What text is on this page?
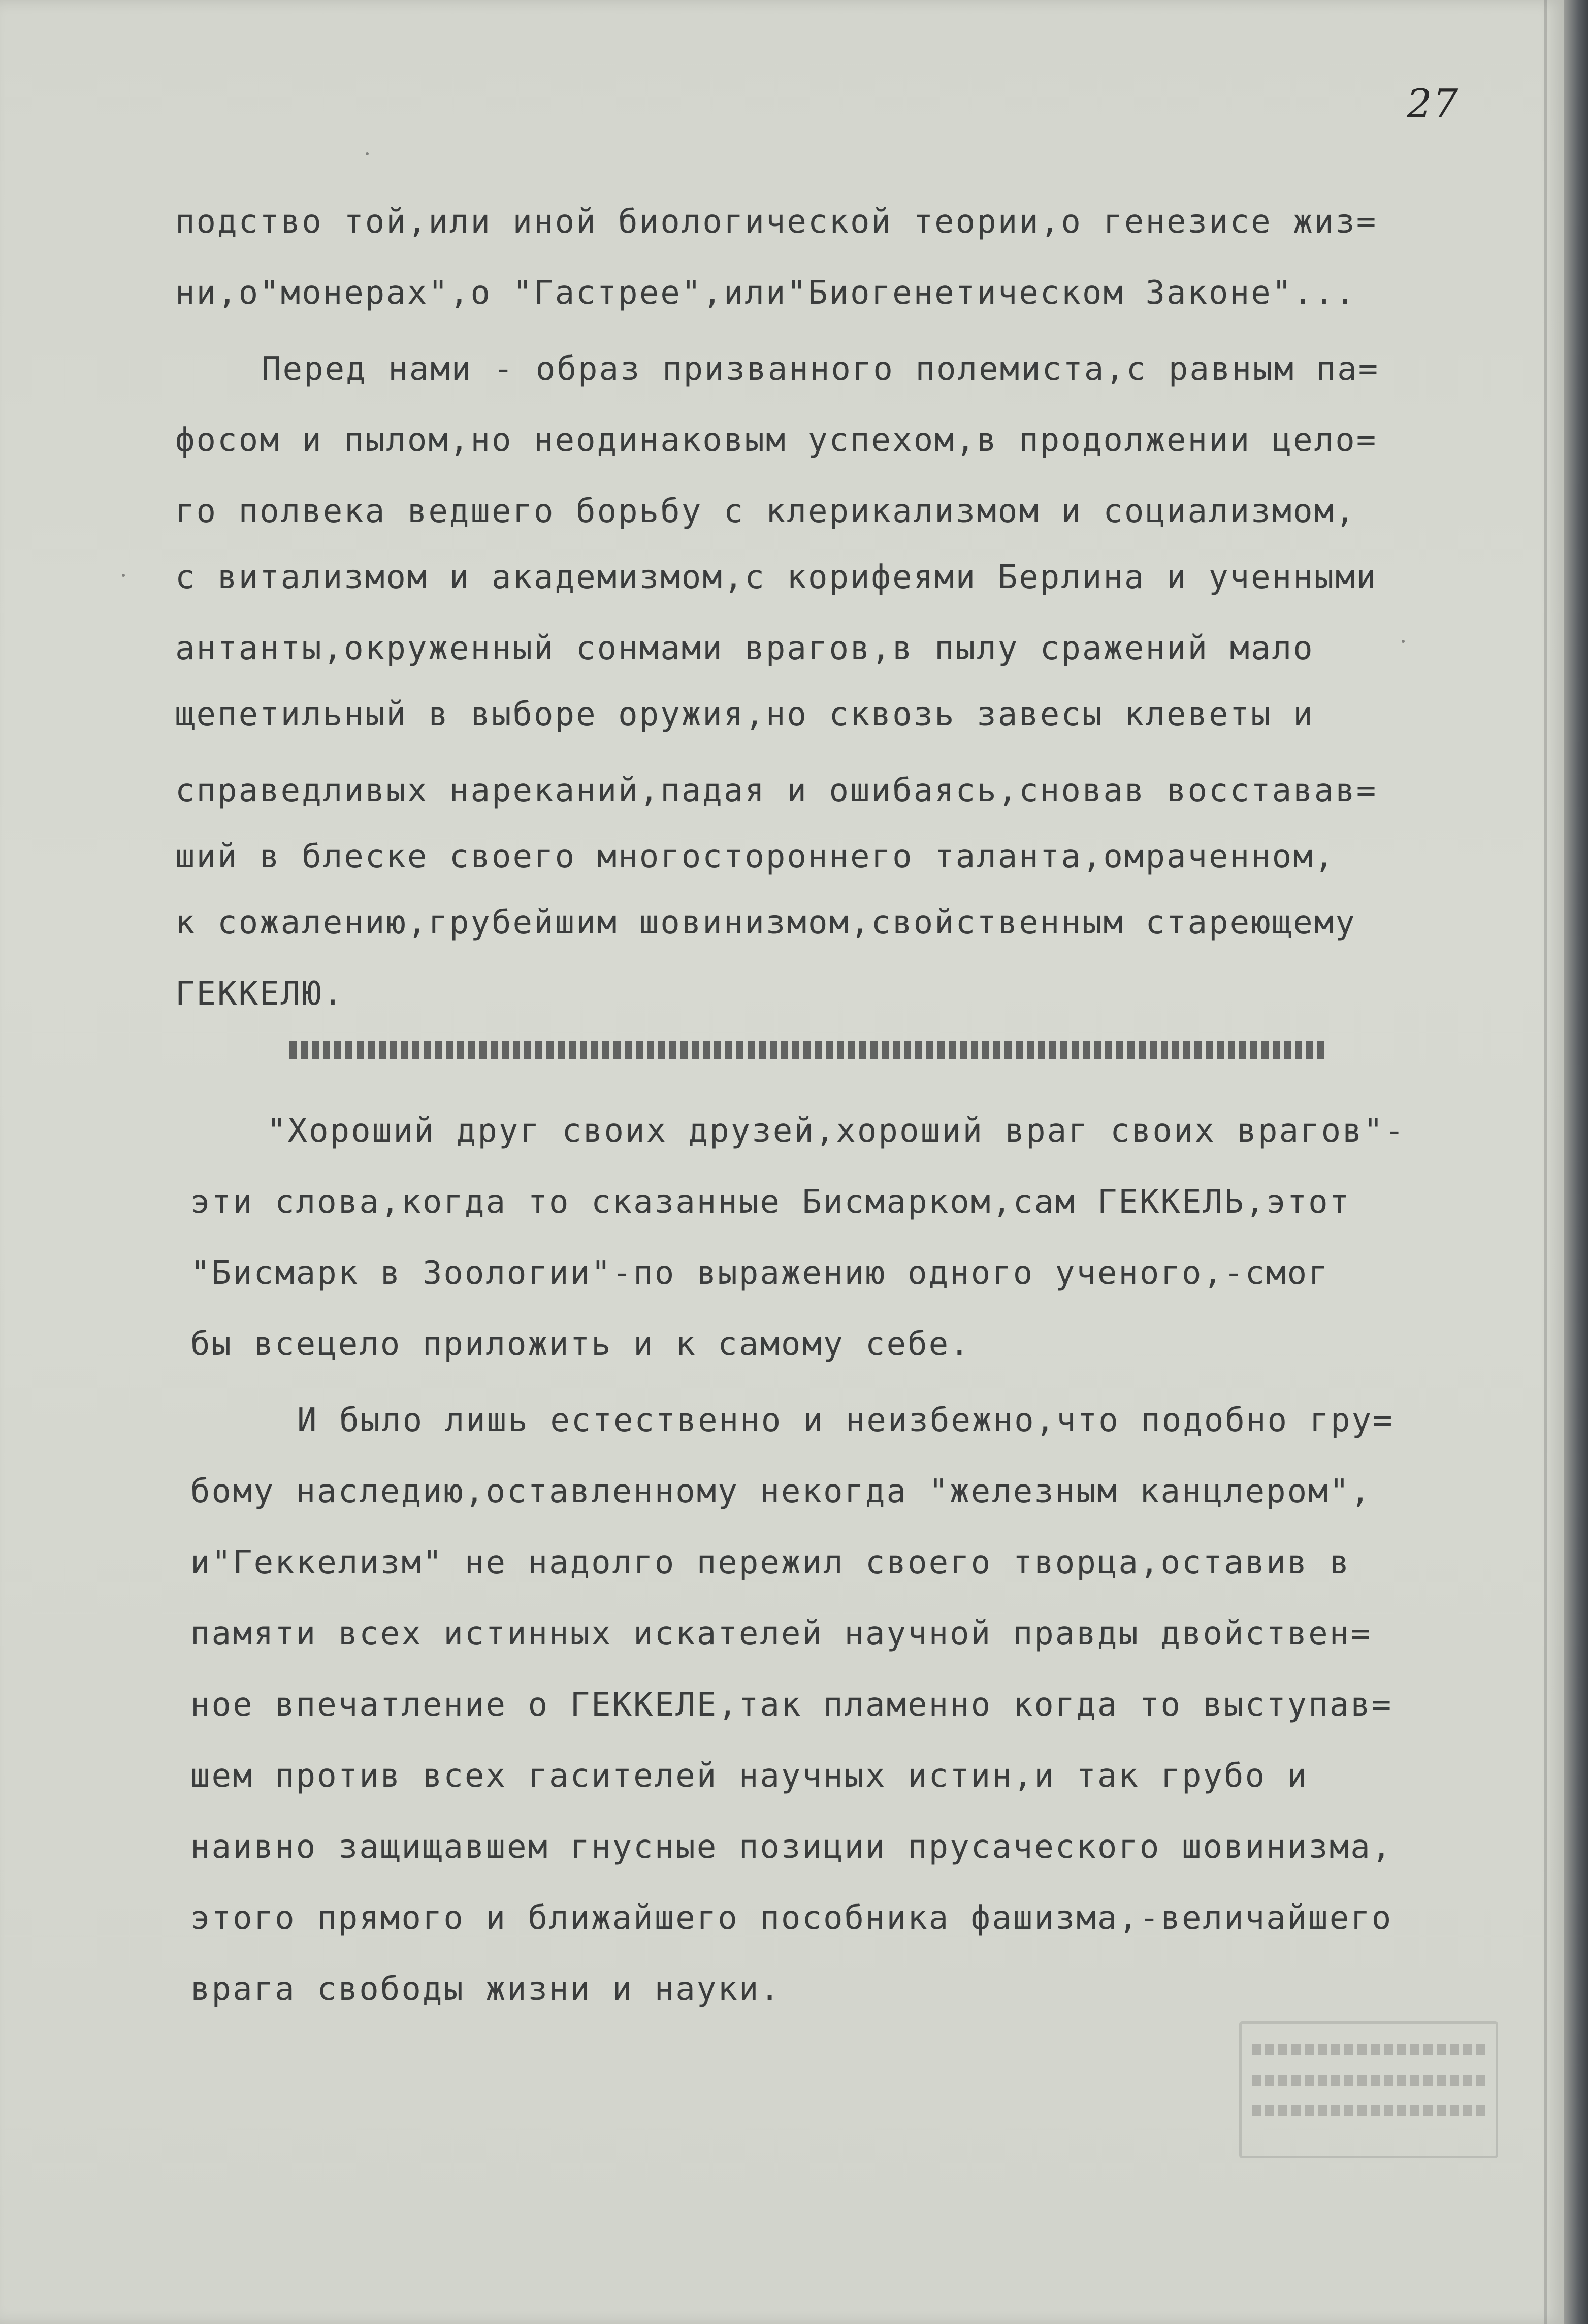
27
подство той,или иной биологической теории,о генезисе жиз=
ни,о"монерах",о "Гастрее",или"Биогенетическом Законе"...
Перед нами - образ призванного полемиста,с равным па=
фосом и пылом,но неодинаковым успехом,в продолжении цело=
го полвека ведшего борьбу с клерикализмом и социализмом,
с витализмом и академизмом,с корифеями Берлина и ученными
антанты,окруженный сонмами врагов,в пылу сражений мало
щепетильный в выборе оружия,но сквозь завесы клеветы и
справедливых нареканий,падая и ошибаясь,сновав восставав=
ший в блеске своего многостороннего таланта,омраченном,
к сожалению,грубейшим шовинизмом,свойственным стареющему
ГЕККЕЛЮ.
"Хороший друг своих друзей,хороший враг своих врагов"-
эти слова,когда то сказанные Бисмарком,сам ГЕККЕЛЬ,этот
"Бисмарк в Зоологии"-по выражению одного ученого,-смог
бы всецело приложить и к самому себе.
И было лишь естественно и неизбежно,что подобно гру=
бому наследию,оставленному некогда "железным канцлером",
и"Геккелизм" не надолго пережил своего творца,оставив в
памяти всех истинных искателей научной правды двойствен=
ное впечатление о ГЕККЕЛЕ,так пламенно когда то выступав=
шем против всех гасителей научных истин,и так грубо и
наивно защищавшем гнусные позиции прусаческого шовинизма,
этого прямого и ближайшего пособника фашизма,-величайшего
врага свободы жизни и науки.
